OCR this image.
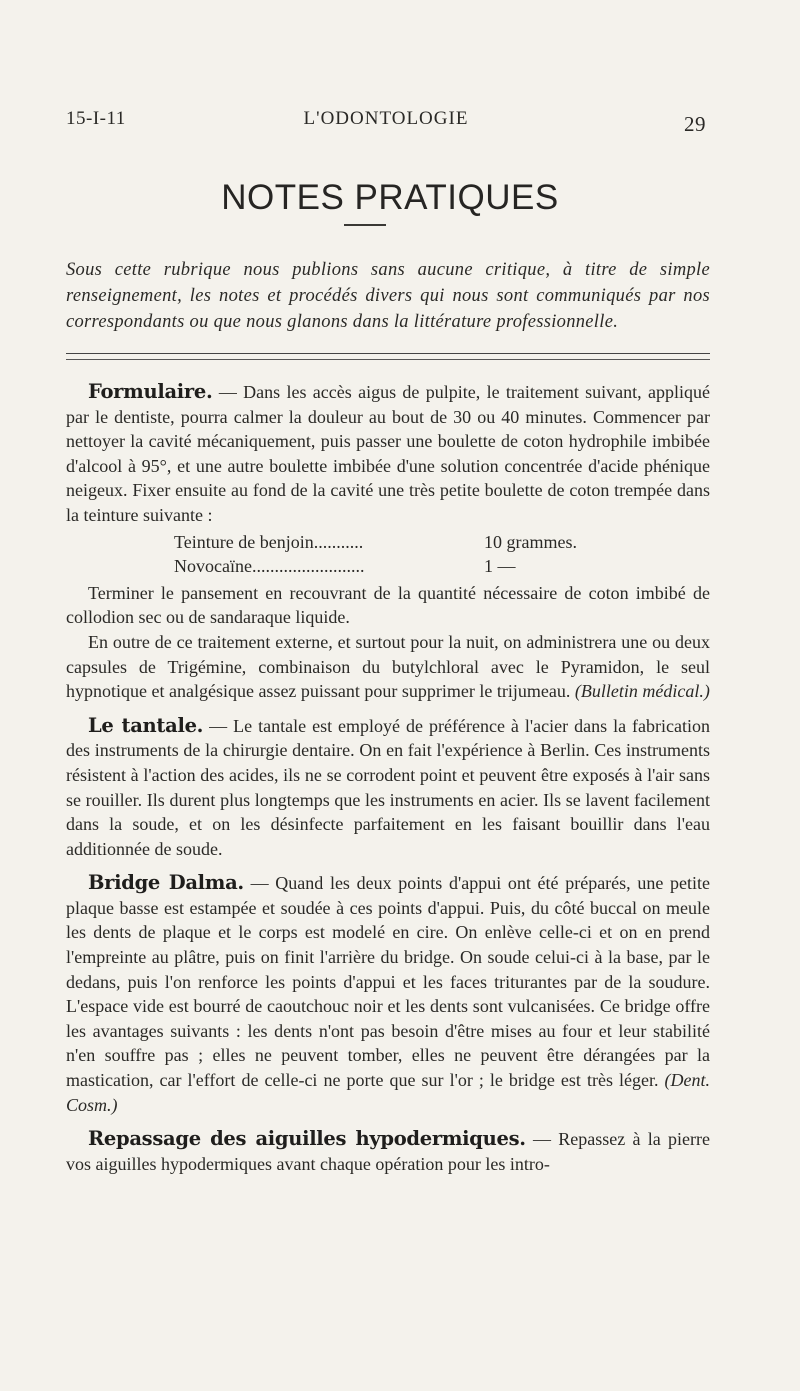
15-I-11	L'ODONTOLOGIE	29
NOTES PRATIQUES

Sous cette rubrique nous publions sans aucune critique, à titre de simple renseignement, les notes et procédés divers qui nous sont communiqués par nos correspondants ou que nous glanons dans la littérature professionnelle.

Formulaire. — Dans les accès aigus de pulpite, le traitement suivant, appliqué par le dentiste, pourra calmer la douleur au bout de 30 ou 40 minutes. Commencer par nettoyer la cavité mécaniquement, puis passer une boulette de coton hydrophile imbibée d'alcool à 95°, et une autre boulette imbibée d'une solution concentrée d'acide phénique neigeux. Fixer ensuite au fond de la cavité une très petite boulette de coton trempée dans la teinture suivante :

Teinture de benjoin...........	10 grammes.
Novocaïne.........................	1 —

Terminer le pansement en recouvrant de la quantité nécessaire de coton imbibé de collodion sec ou de sandaraque liquide.

En outre de ce traitement externe, et surtout pour la nuit, on administrera une ou deux capsules de Trigémine, combinaison du butylchloral avec le Pyramidon, le seul hypnotique et analgésique assez puissant pour supprimer le trijumeau. (Bulletin médical.)

Le tantale. — Le tantale est employé de préférence à l'acier dans la fabrication des instruments de la chirurgie dentaire. On en fait l'expérience à Berlin. Ces instruments résistent à l'action des acides, ils ne se corrodent point et peuvent être exposés à l'air sans se rouiller. Ils durent plus longtemps que les instruments en acier. Ils se lavent facilement dans la soude, et on les désinfecte parfaitement en les faisant bouillir dans l'eau additionnée de soude.

Bridge Dalma. — Quand les deux points d'appui ont été préparés, une petite plaque basse est estampée et soudée à ces points d'appui. Puis, du côté buccal on meule les dents de plaque et le corps est modelé en cire. On enlève celle-ci et on en prend l'empreinte au plâtre, puis on finit l'arrière du bridge. On soude celui-ci à la base, par le dedans, puis l'on renforce les points d'appui et les faces triturantes par de la soudure. L'espace vide est bourré de caoutchouc noir et les dents sont vulcanisées. Ce bridge offre les avantages suivants : les dents n'ont pas besoin d'être mises au four et leur stabilité n'en souffre pas ; elles ne peuvent tomber, elles ne peuvent être dérangées par la mastication, car l'effort de celle-ci ne porte que sur l'or ; le bridge est très léger. (Dent. Cosm.)

Repassage des aiguilles hypodermiques. — Repassez à la pierre vos aiguilles hypodermiques avant chaque opération pour les intro-
